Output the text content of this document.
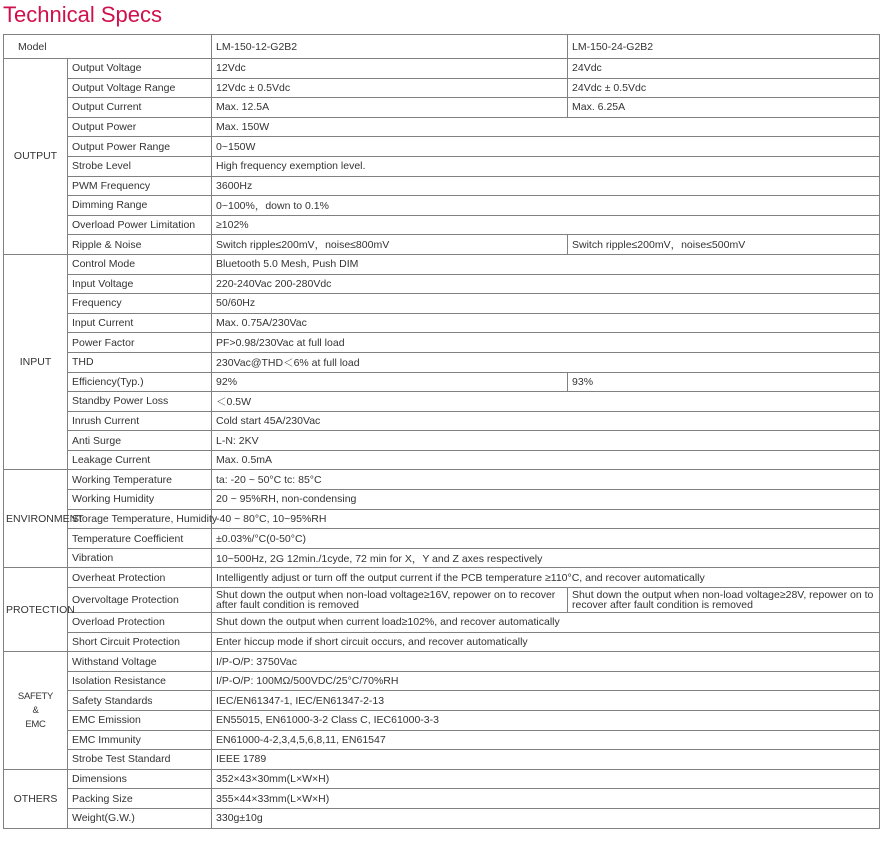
Technical Specs
Model		LM-150-12-G2B2	LM-150-24-G2B2
OUTPUT	Output Voltage	12Vdc	24Vdc
	Output Voltage Range	12Vdc ± 0.5Vdc	24Vdc ± 0.5Vdc
	Output Current	Max. 12.5A	Max. 6.25A
	Output Power	Max. 150W	
	Output Power Range	0~150W	
	Strobe Level	High frequency exemption level.	
	PWM Frequency	3600Hz	
	Dimming Range	0~100%，down to 0.1%	
	Overload Power Limitation	≥102%	
	Ripple & Noise	Switch ripple≤200mV，noise≤800mV	Switch ripple≤200mV，noise≤500mV
INPUT	Control Mode	Bluetooth 5.0 Mesh, Push DIM	
	Input Voltage	220-240Vac 200-280Vdc	
	Frequency	50/60Hz	
	Input Current	Max. 0.75A/230Vac	
	Power Factor	PF>0.98/230Vac at full load	
	THD	230Vac@THD＜6% at full load	
	Efficiency(Typ.)	92%	93%
	Standby Power Loss	＜0.5W	
	Inrush Current	Cold start 45A/230Vac	
	Anti Surge	L-N: 2KV	
	Leakage Current	Max. 0.5mA	
ENVIRONMENT	Working Temperature	ta: -20 ~ 50°C tc: 85°C	
	Working Humidity	20 ~ 95%RH, non-condensing	
	Storage Temperature, Humidity	-40 ~ 80°C, 10~95%RH	
	Temperature Coefficient	±0.03%/°C(0-50°C)	
	Vibration	10~500Hz, 2G 12min./1cyde, 72 min for X，Y and Z axes respectively	
PROTECTION	Overheat Protection	Intelligently adjust or turn off the output current if the PCB temperature ≥110°C, and recover automatically	
	Overvoltage Protection	Shut down the output when non-load voltage≥16V, repower on to recover after fault condition is removed	Shut down the output when non-load voltage≥28V, repower on to recover after fault condition is removed
	Overload Protection	Shut down the output when current load≥102%, and recover automatically	
	Short Circuit Protection	Enter hiccup mode if short circuit occurs, and recover automatically	
SAFETY
&
EMC	Withstand Voltage	I/P-O/P: 3750Vac	
	Isolation Resistance	I/P-O/P: 100MΩ/500VDC/25°C/70%RH	
	Safety Standards	IEC/EN61347-1, IEC/EN61347-2-13	
	EMC Emission	EN55015, EN61000-3-2 Class C, IEC61000-3-3	
	EMC Immunity	EN61000-4-2,3,4,5,6,8,11, EN61547	
	Strobe Test Standard	IEEE 1789	
OTHERS	Dimensions	352×43×30mm(L×W×H)	
	Packing Size	355×44×33mm(L×W×H)	
	Weight(G.W.)	330g±10g	
